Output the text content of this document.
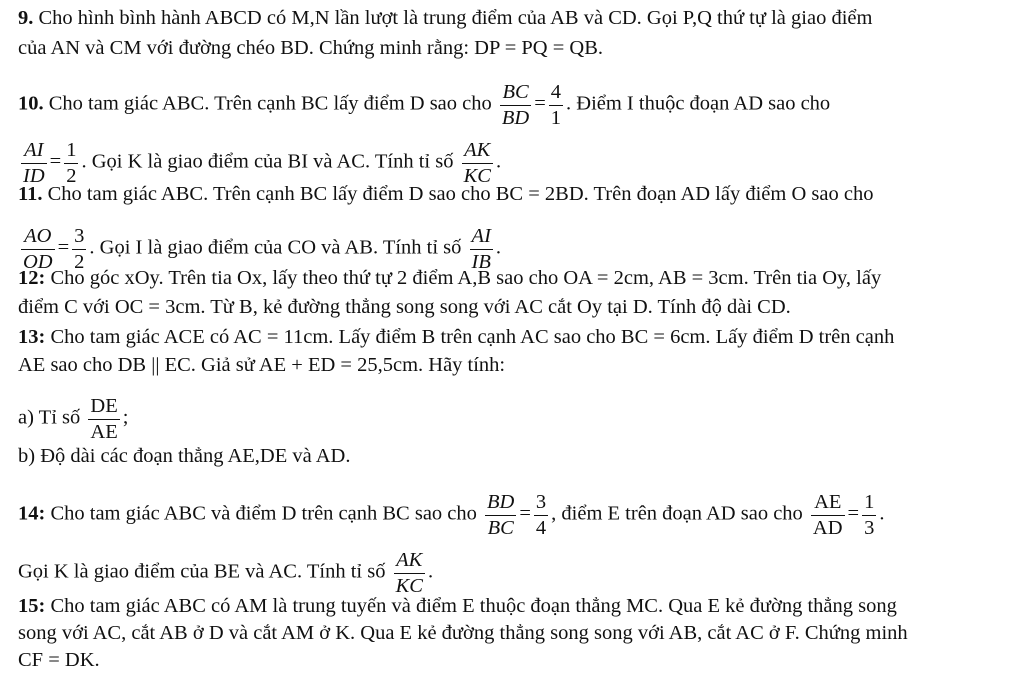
9. Cho hình bình hành ABCD có M,N lần lượt là trung điểm của AB và CD. Gọi P,Q thứ tự là giao điểm
của AN và CM với đường chéo BD. Chứng minh rằng: DP = PQ = QB.
10. Cho tam giác ABC. Trên cạnh BC lấy điểm D sao cho $\frac{BC}{BD} = \frac{4}{1}$ . Điểm I thuộc đoạn AD sao cho
$\frac{AI}{ID} = \frac{1}{2}$ . Gọi K là giao điểm của BI và AC. Tính tỉ số $\frac{AK}{KC}$ .
11. Cho tam giác ABC. Trên cạnh BC lấy điểm D sao cho BC = 2BD. Trên đoạn AD lấy điểm O sao cho
$\frac{AO}{OD} = \frac{3}{2}$ . Gọi I là giao điểm của CO và AB. Tính tỉ số $\frac{AI}{IB}$ .
12: Cho góc xOy. Trên tia Ox, lấy theo thứ tự 2 điểm A,B sao cho OA = 2cm, AB = 3cm. Trên tia Oy, lấy
điểm C với OC = 3cm. Từ B, kẻ đường thẳng song song với AC cắt Oy tại D. Tính độ dài CD.
13: Cho tam giác ACE có AC = 11cm. Lấy điểm B trên cạnh AC sao cho BC = 6cm. Lấy điểm D trên cạnh
AE sao cho DB || EC. Giả sử AE + ED = 25,5cm. Hãy tính:
a) Tỉ số $\frac{DE}{AE}$ ;
b) Độ dài các đoạn thẳng AE,DE và AD.
14: Cho tam giác ABC và điểm D trên cạnh BC sao cho $\frac{BD}{BC} = \frac{3}{4}$ , điểm E trên đoạn AD sao cho $\frac{AE}{AD} = \frac{1}{3}$ .
Gọi K là giao điểm của BE và AC. Tính tỉ số $\frac{AK}{KC}$ .
15: Cho tam giác ABC có AM là trung tuyến và điểm E thuộc đoạn thẳng MC. Qua E kẻ đường thẳng song
song với AC, cắt AB ở D và cắt AM ở K. Qua E kẻ đường thẳng song song với AB, cắt AC ở F. Chứng minh
CF = DK.
